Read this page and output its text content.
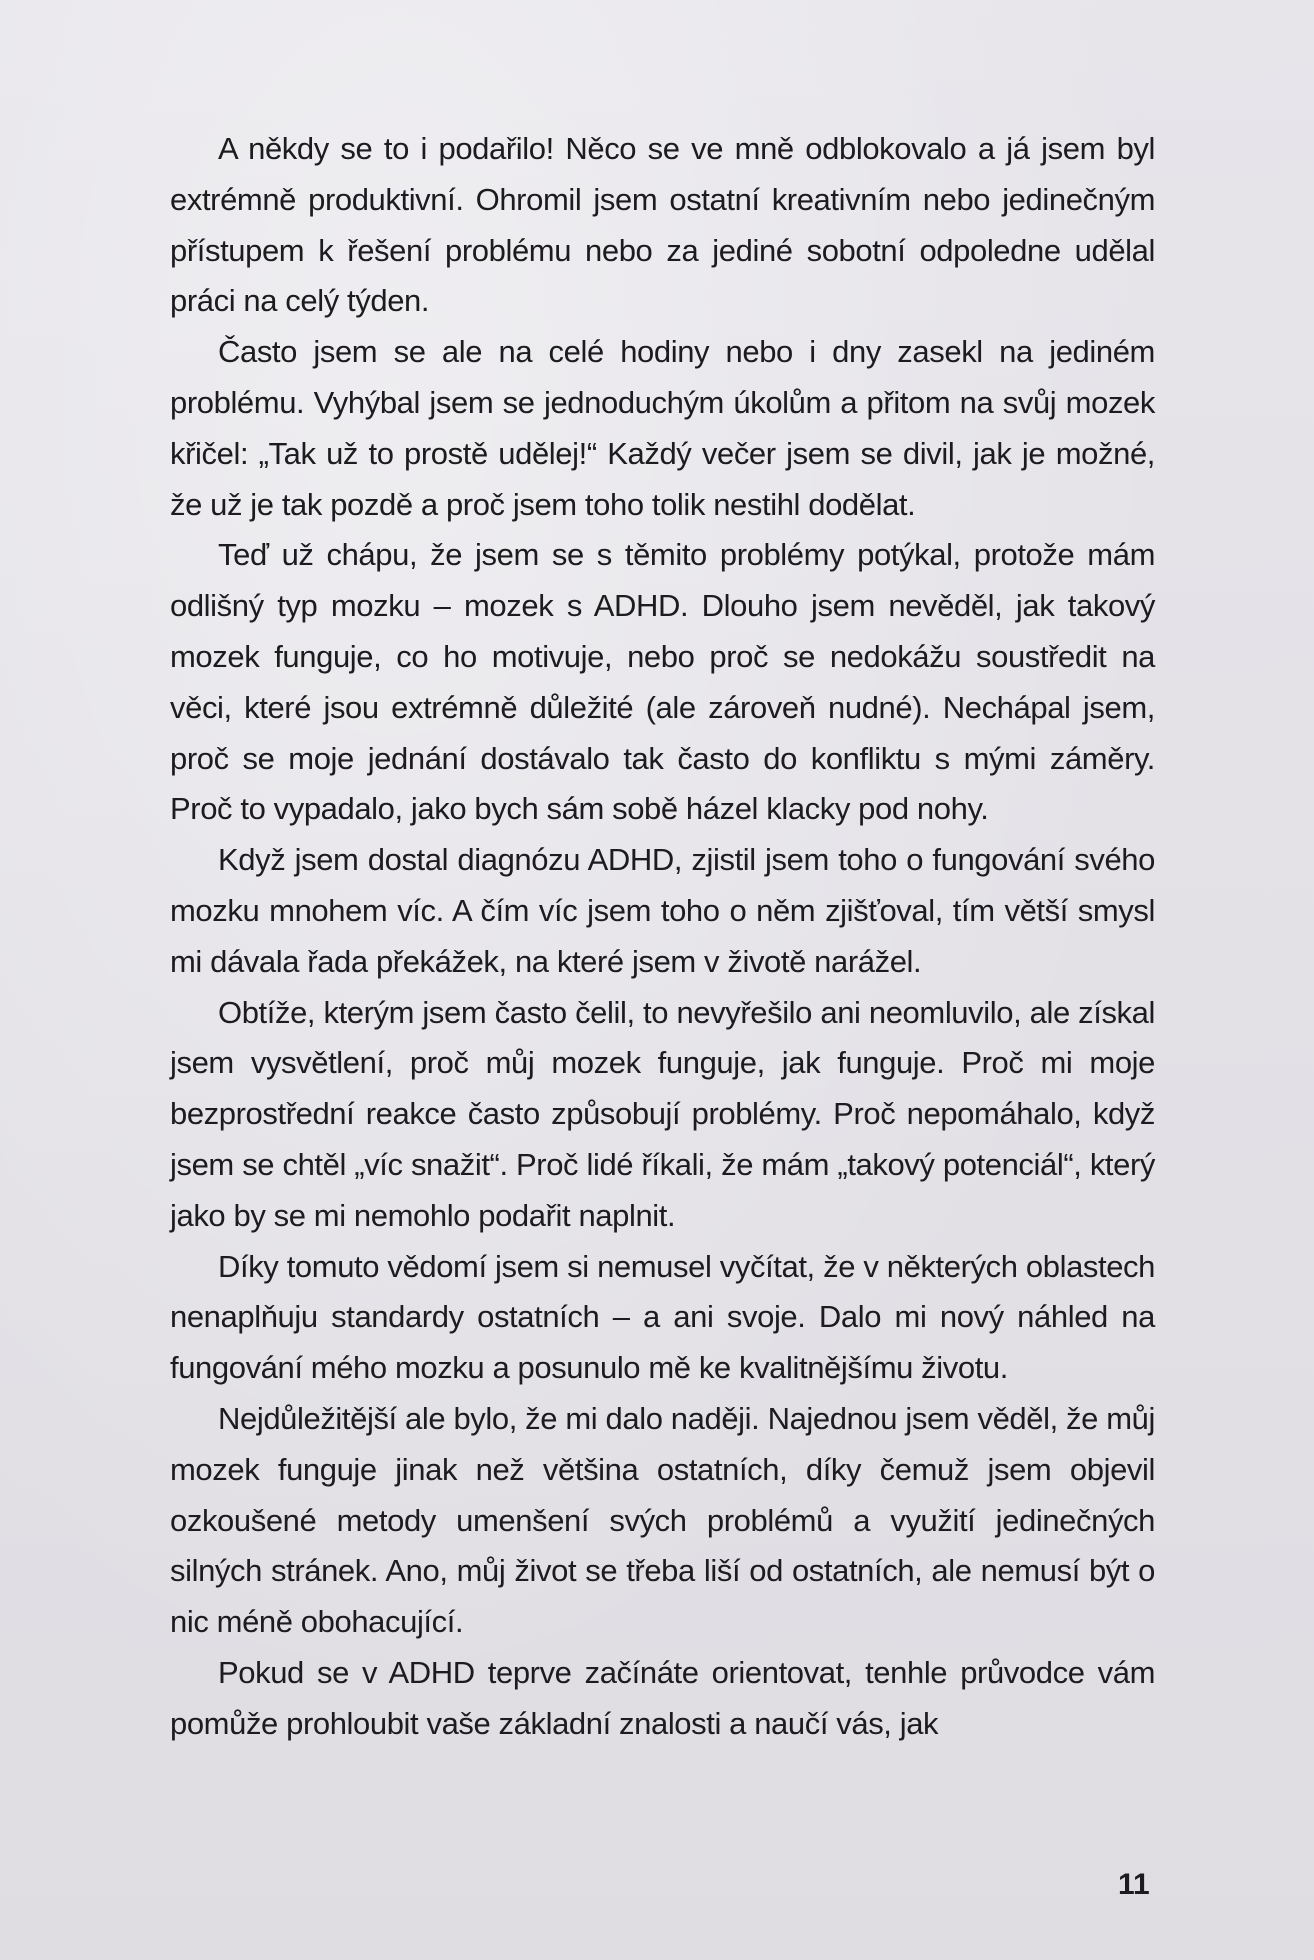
A někdy se to i podařilo! Něco se ve mně odblokovalo a já jsem byl extrémně produktivní. Ohromil jsem ostatní kreativním nebo jedinečným přístupem k řešení problému nebo za jediné sobotní odpoledne udělal práci na celý týden.

Často jsem se ale na celé hodiny nebo i dny zasekl na jediném problému. Vyhýbal jsem se jednoduchým úkolům a přitom na svůj mozek křičel: „Tak už to prostě udělej!“ Každý večer jsem se divil, jak je možné, že už je tak pozdě a proč jsem toho tolik nestihl dodělat.

Teď už chápu, že jsem se s těmito problémy potýkal, protože mám odlišný typ mozku – mozek s ADHD. Dlouho jsem nevěděl, jak takový mozek funguje, co ho motivuje, nebo proč se nedokážu soustředit na věci, které jsou extrémně důležité (ale zároveň nudné). Nechápal jsem, proč se moje jednání dostávalo tak často do konfliktu s mými záměry. Proč to vypadalo, jako bych sám sobě házel klacky pod nohy.

Když jsem dostal diagnózu ADHD, zjistil jsem toho o fungování svého mozku mnohem víc. A čím víc jsem toho o něm zjišťoval, tím větší smysl mi dávala řada překážek, na které jsem v životě narážel.

Obtíže, kterým jsem často čelil, to nevyřešilo ani neomluvilo, ale získal jsem vysvětlení, proč můj mozek funguje, jak funguje. Proč mi moje bezprostřední reakce často způsobují problémy. Proč nepomáhalo, když jsem se chtěl „víc snažit“. Proč lidé říkali, že mám „takový potenciál“, který jako by se mi nemohlo podařit naplnit.

Díky tomuto vědomí jsem si nemusel vyčítat, že v některých oblastech nenaplňuju standardy ostatních – a ani svoje. Dalo mi nový náhled na fungování mého mozku a posunulo mě ke kvalitnějšímu životu.

Nejdůležitější ale bylo, že mi dalo naději. Najednou jsem věděl, že můj mozek funguje jinak než většina ostatních, díky čemuž jsem objevil ozkoušené metody umenšení svých problémů a využití jedinečných silných stránek. Ano, můj život se třeba liší od ostatních, ale nemusí být o nic méně obohacující.

Pokud se v ADHD teprve začínáte orientovat, tenhle průvodce vám pomůže prohloubit vaše základní znalosti a naučí vás, jak

11
